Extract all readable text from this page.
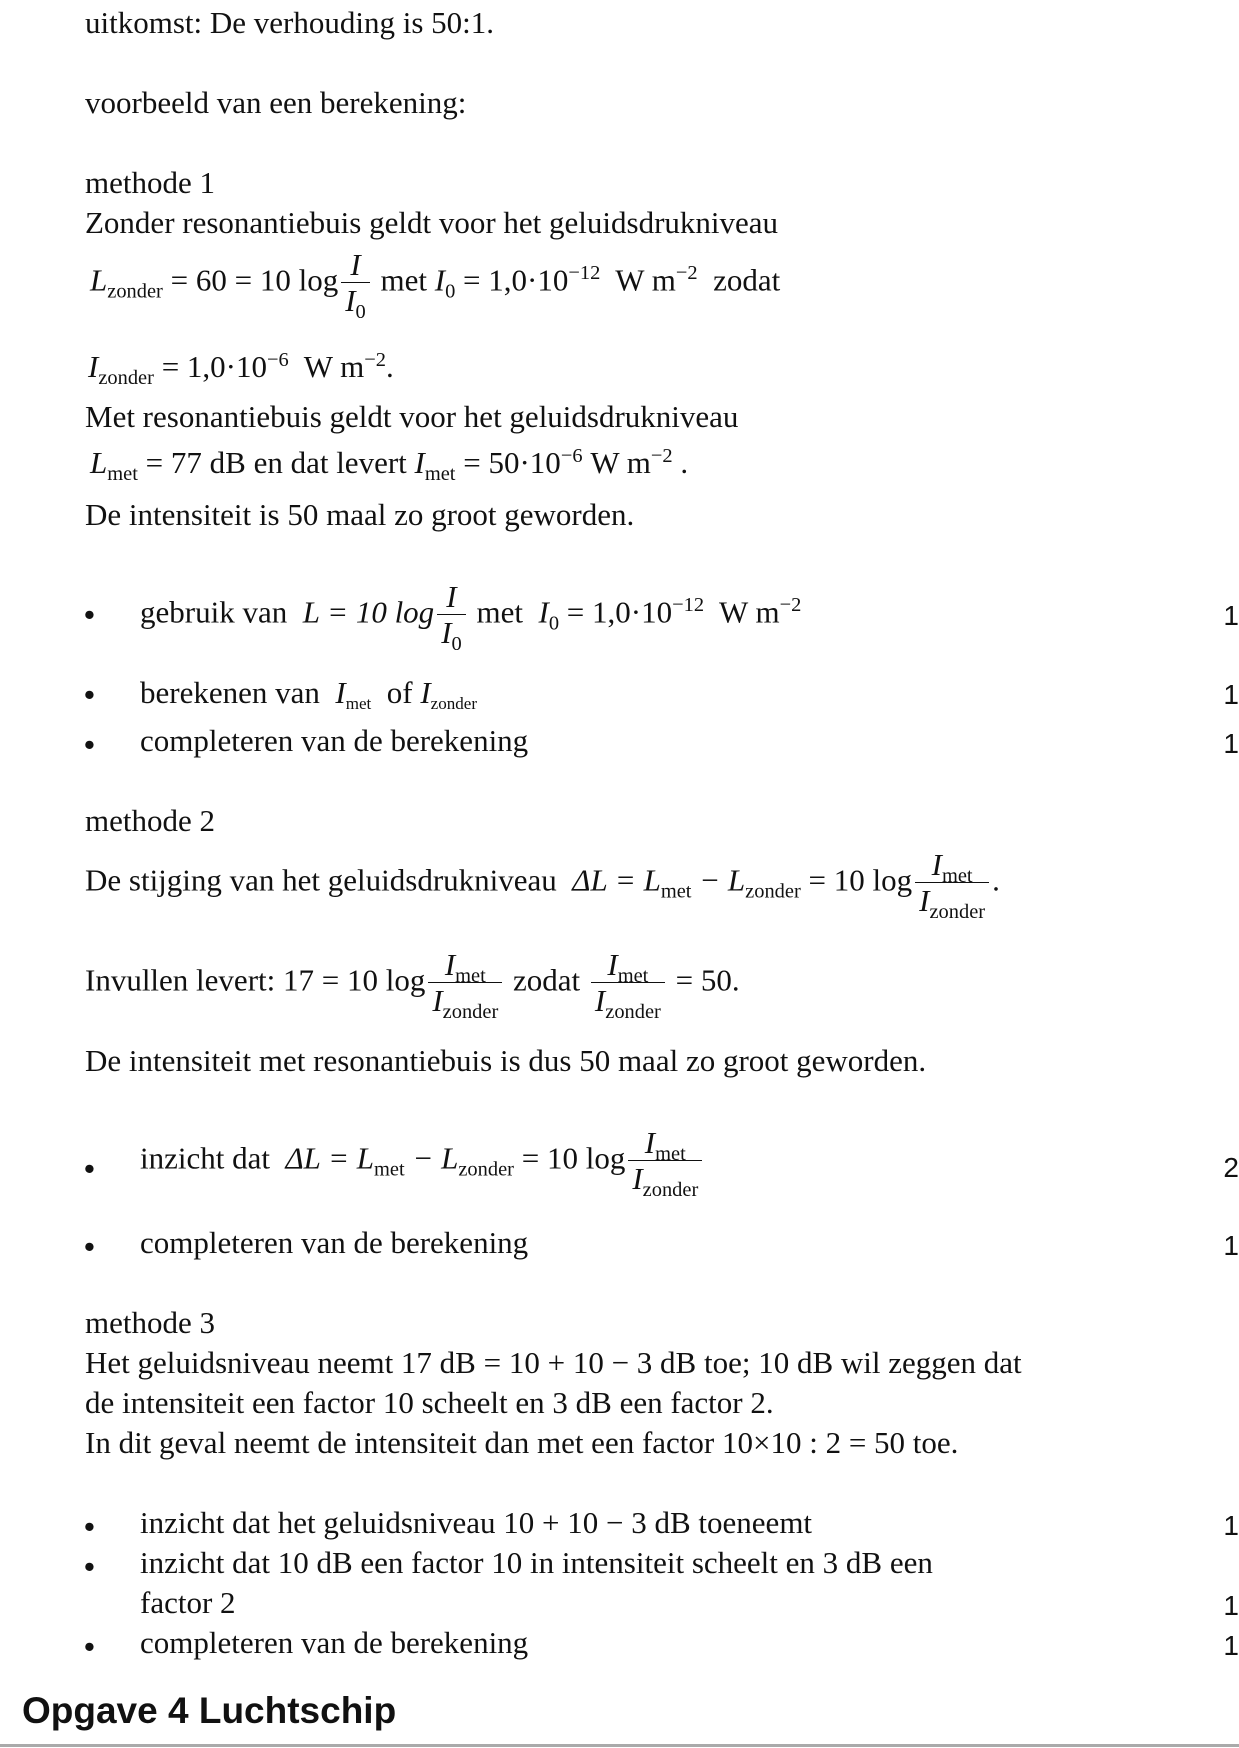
uitkomst: De verhouding is 50:1.
voorbeeld van een berekening:
methode 1
Zonder resonantiebuis geldt voor het geluidsdrukniveau
$L_{zonder} = 60 = 10$ $\log \frac{I}{I_0}$ met $I_0 = 1,0\cdot 10^{-12}$ W $m^{-2}$ zodat
$I_{zonder} = 1,0\cdot 10^{-6}$ W $m^{-2}$.
Met resonantiebuis geldt voor het geluidsdrukniveau
$L_{met} = 77$ dB en dat levert $I_{met} = 50\cdot 10^{-6}$ W $m^{-2}$ .
De intensiteit is 50 maal zo groot geworden.
• gebruik van L = 10 $\log \frac{I}{I_0}$ met $I_0 = 1,0\cdot 10^{-12}$ W $m^{-2}$	1
• berekenen van $I_{met}$ of $I_{zonder}$	1
• completeren van de berekening	1
methode 2
De stijging van het geluidsdrukniveau $\Delta L = L_{met} - L_{zonder} = 10$ $\log \frac{I_{met}}{I_{zonder}}$ .
Invullen levert: 17 = 10 $\log \frac{I_{met}}{I_{zonder}}$ zodat $\frac{I_{met}}{I_{zonder}} = 50$.
De intensiteit met resonantiebuis is dus 50 maal zo groot geworden.
• inzicht dat $\Delta L = L_{met} - L_{zonder} = 10$ $\log \frac{I_{met}}{I_{zonder}}$	2
• completeren van de berekening	1
methode 3
Het geluidsniveau neemt 17 dB = 10 + 10 − 3 dB toe; 10 dB wil zeggen dat
de intensiteit een factor 10 scheelt en 3 dB een factor 2.
In dit geval neemt de intensiteit dan met een factor 10×10 : 2 = 50 toe.
• inzicht dat het geluidsniveau 10 + 10 − 3 dB toeneemt	1
• inzicht dat 10 dB een factor 10 in intensiteit scheelt en 3 dB een
factor 2	1
• completeren van de berekening	1
Opgave 4 Luchtschip
